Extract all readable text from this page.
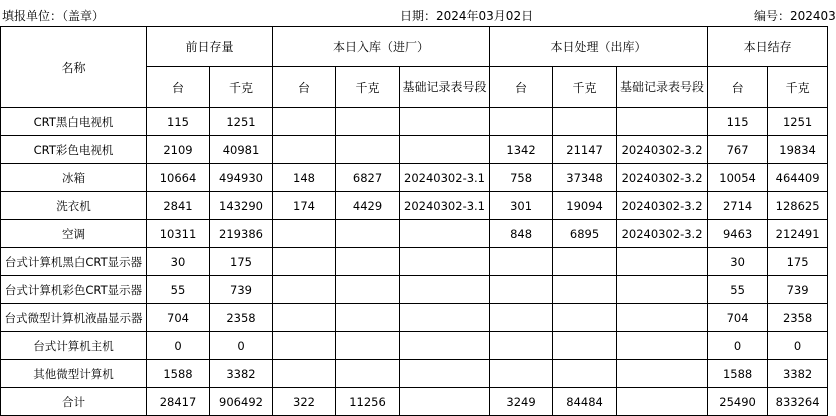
填报单位：（盖章）	日期：2024年03月02日	编号：202403
名称	前日存量		本日入库（进厂）			本日处理（出库）			本日结存	
	台	千克	台	千克	基础记录表号段	台	千克	基础记录表号段	台	千克
CRT黑白电视机	115	1251							115	1251
CRT彩色电视机	2109	40981				1342	21147	20240302-3.2	767	19834
冰箱	10664	494930	148	6827	20240302-3.1	758	37348	20240302-3.2	10054	464409
洗衣机	2841	143290	174	4429	20240302-3.1	301	19094	20240302-3.2	2714	128625
空调	10311	219386				848	6895	20240302-3.2	9463	212491
台式计算机黑白CRT显示器	30	175							30	175
台式计算机彩色CRT显示器	55	739							55	739
台式微型计算机液晶显示器	704	2358							704	2358
台式计算机主机	0	0							0	0
其他微型计算机	1588	3382							1588	3382
合计	28417	906492	322	11256		3249	84484		25490	833264
